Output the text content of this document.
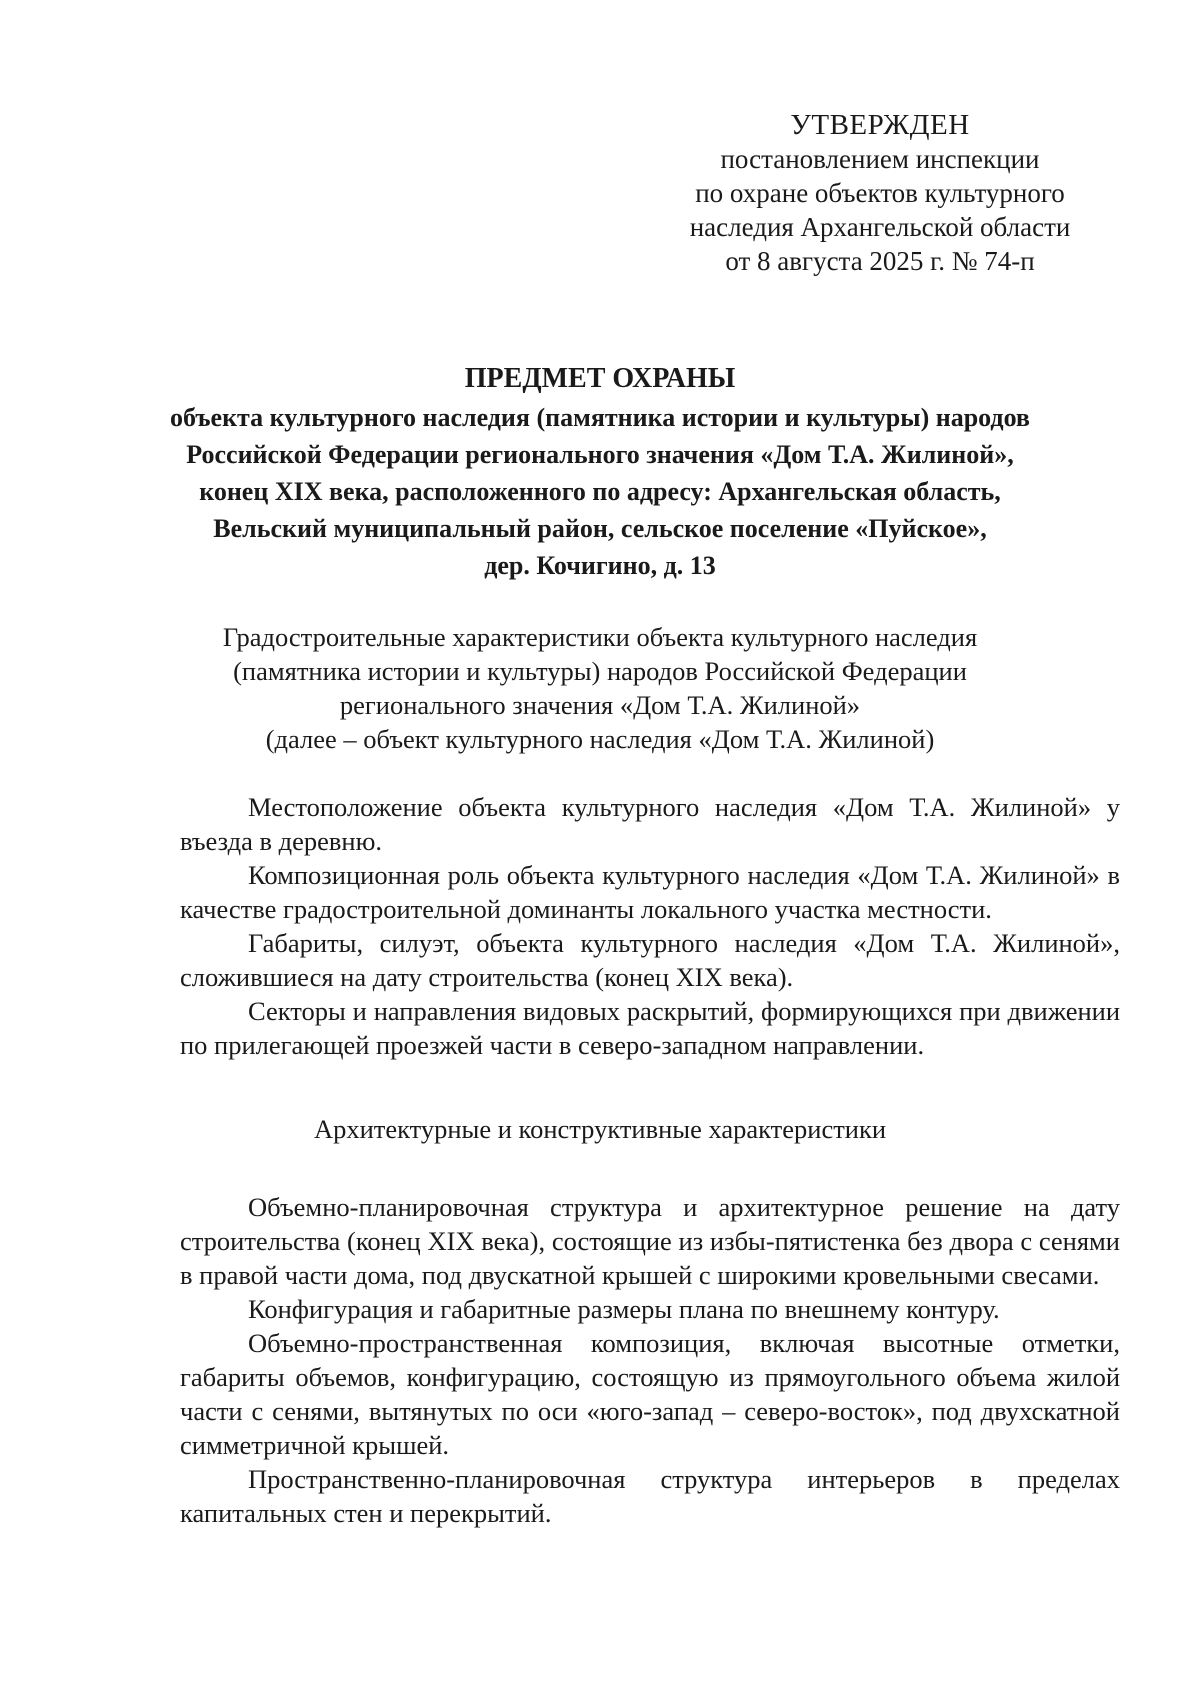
УТВЕРЖДЕН
постановлением инспекции
по охране объектов культурного
наследия Архангельской области
от 8 августа 2025 г. № 74-п
ПРЕДМЕТ ОХРАНЫ
объекта культурного наследия (памятника истории и культуры) народов
Российской Федерации регионального значения «Дом Т.А. Жилиной»,
конец XIX века, расположенного по адресу: Архангельская область,
Вельский муниципальный район, сельское поселение «Пуйское»,
дер. Кочигино, д. 13
Градостроительные характеристики объекта культурного наследия
(памятника истории и культуры) народов Российской Федерации
регионального значения «Дом Т.А. Жилиной»
(далее – объект культурного наследия «Дом Т.А. Жилиной)

Местоположение объекта культурного наследия «Дом Т.А. Жилиной» у въезда в деревню.

Композиционная роль объекта культурного наследия «Дом Т.А. Жилиной» в качестве градостроительной доминанты локального участка местности.

Габариты, силуэт, объекта культурного наследия «Дом Т.А. Жилиной», сложившиеся на дату строительства (конец XIX века).

Секторы и направления видовых раскрытий, формирующихся при движении по прилегающей проезжей части в северо-западном направлении.

Архитектурные и конструктивные характеристики

Объемно-планировочная структура и архитектурное решение на дату строительства (конец XIX века), состоящие из избы-пятистенка без двора с сенями в правой части дома, под двускатной крышей с широкими кровельными свесами.

Конфигурация и габаритные размеры плана по внешнему контуру.

Объемно-пространственная композиция, включая высотные отметки, габариты объемов, конфигурацию, состоящую из прямоугольного объема жилой части с сенями, вытянутых по оси «юго-запад – северо-восток», под двухскатной симметричной крышей.

Пространственно-планировочная структура интерьеров в пределах капитальных стен и перекрытий.
